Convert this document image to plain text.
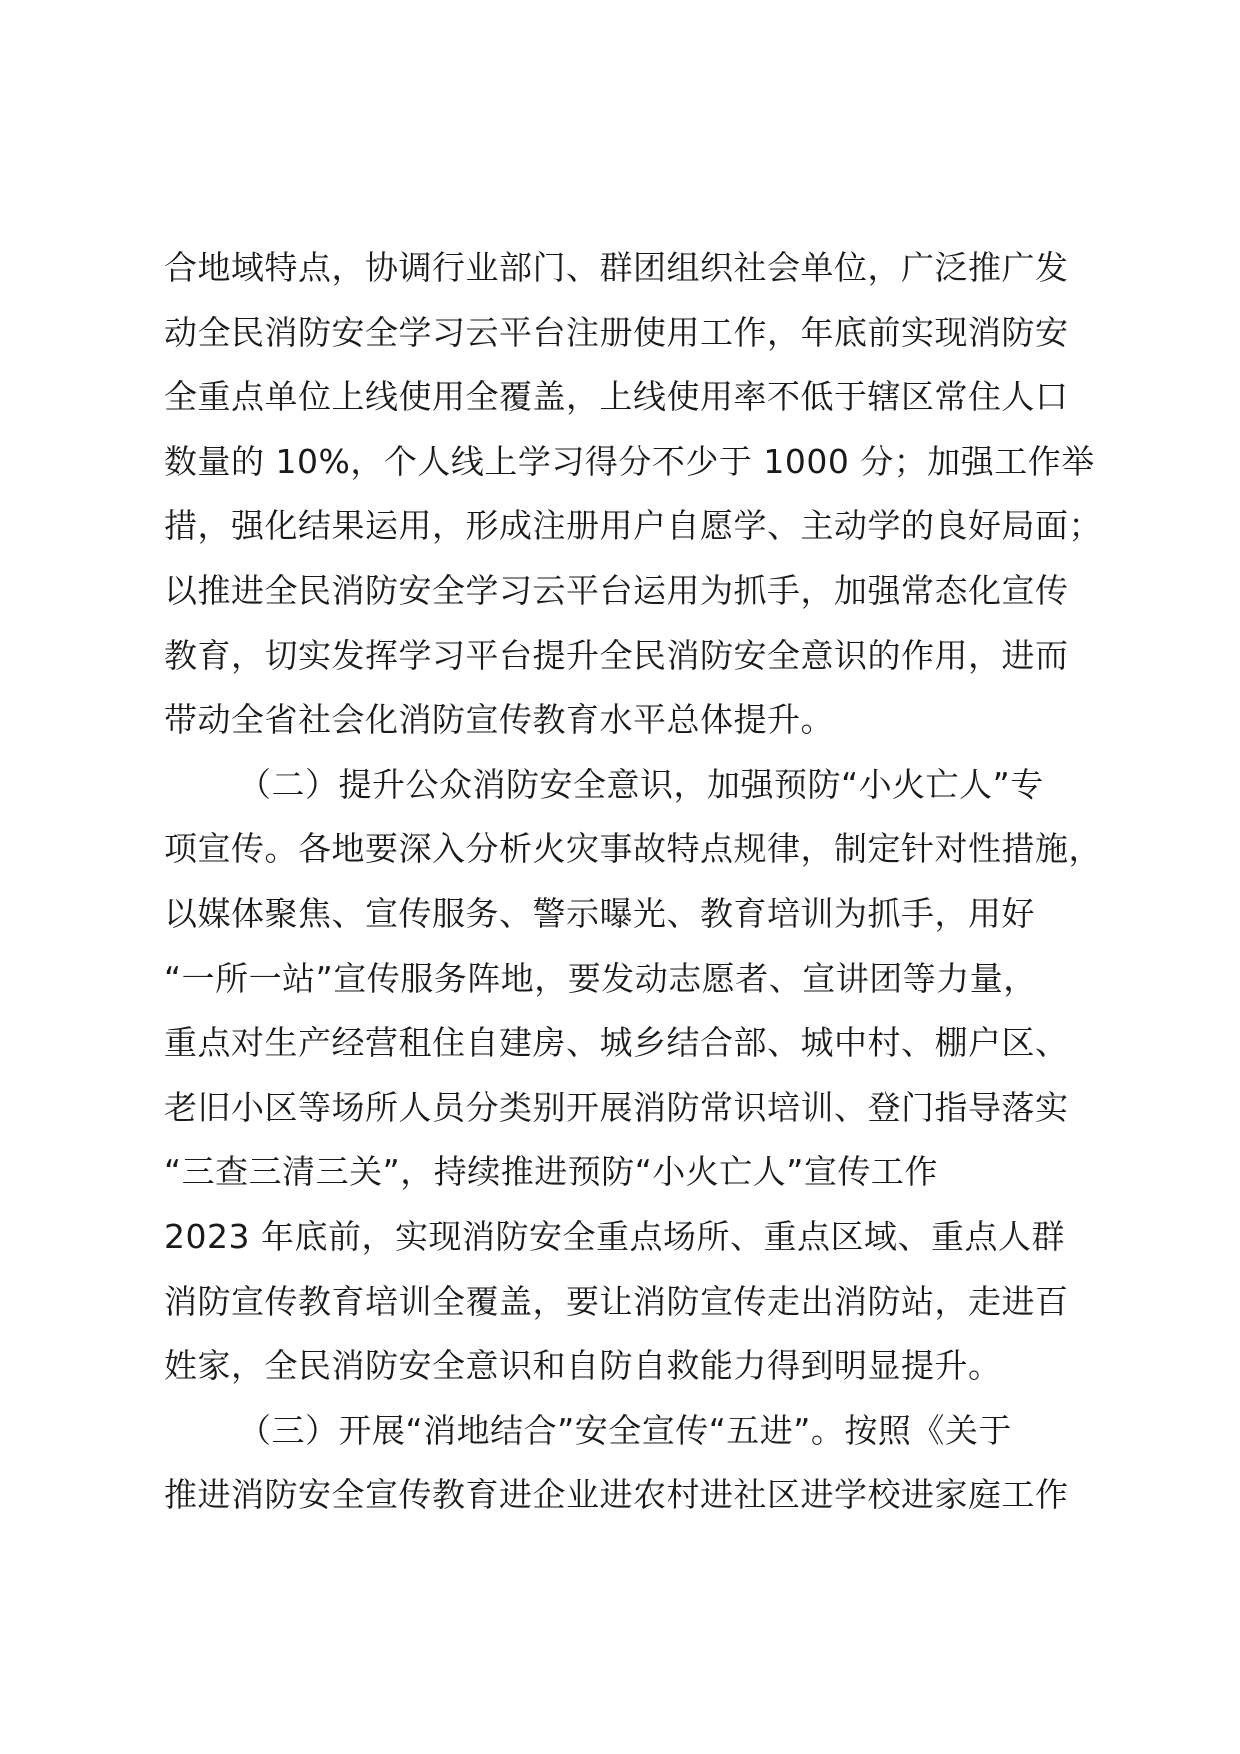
合地域特点，协调行业部门、群团组织社会单位，广泛推广发
动全民消防安全学习云平台注册使用工作，年底前实现消防安
全重点单位上线使用全覆盖，上线使用率不低于辖区常住人口
数量的 10%，个人线上学习得分不少于 1000 分；加强工作举
措，强化结果运用，形成注册用户自愿学、主动学的良好局面；
以推进全民消防安全学习云平台运用为抓手，加强常态化宣传
教育，切实发挥学习平台提升全民消防安全意识的作用，进而
带动全省社会化消防宣传教育水平总体提升。
（二）提升公众消防安全意识，加强预防“小火亡人”专
项宣传。各地要深入分析火灾事故特点规律，制定针对性措施，
以媒体聚焦、宣传服务、警示曝光、教育培训为抓手，用好
“一所一站”宣传服务阵地，要发动志愿者、宣讲团等力量，
重点对生产经营租住自建房、城乡结合部、城中村、棚户区、
老旧小区等场所人员分类别开展消防常识培训、登门指导落实
“三查三清三关”，持续推进预防“小火亡人”宣传工作
2023 年底前，实现消防安全重点场所、重点区域、重点人群
消防宣传教育培训全覆盖，要让消防宣传走出消防站，走进百
姓家，全民消防安全意识和自防自救能力得到明显提升。
（三）开展“消地结合”安全宣传“五进”。按照《关于
推进消防安全宣传教育进企业进农村进社区进学校进家庭工作
